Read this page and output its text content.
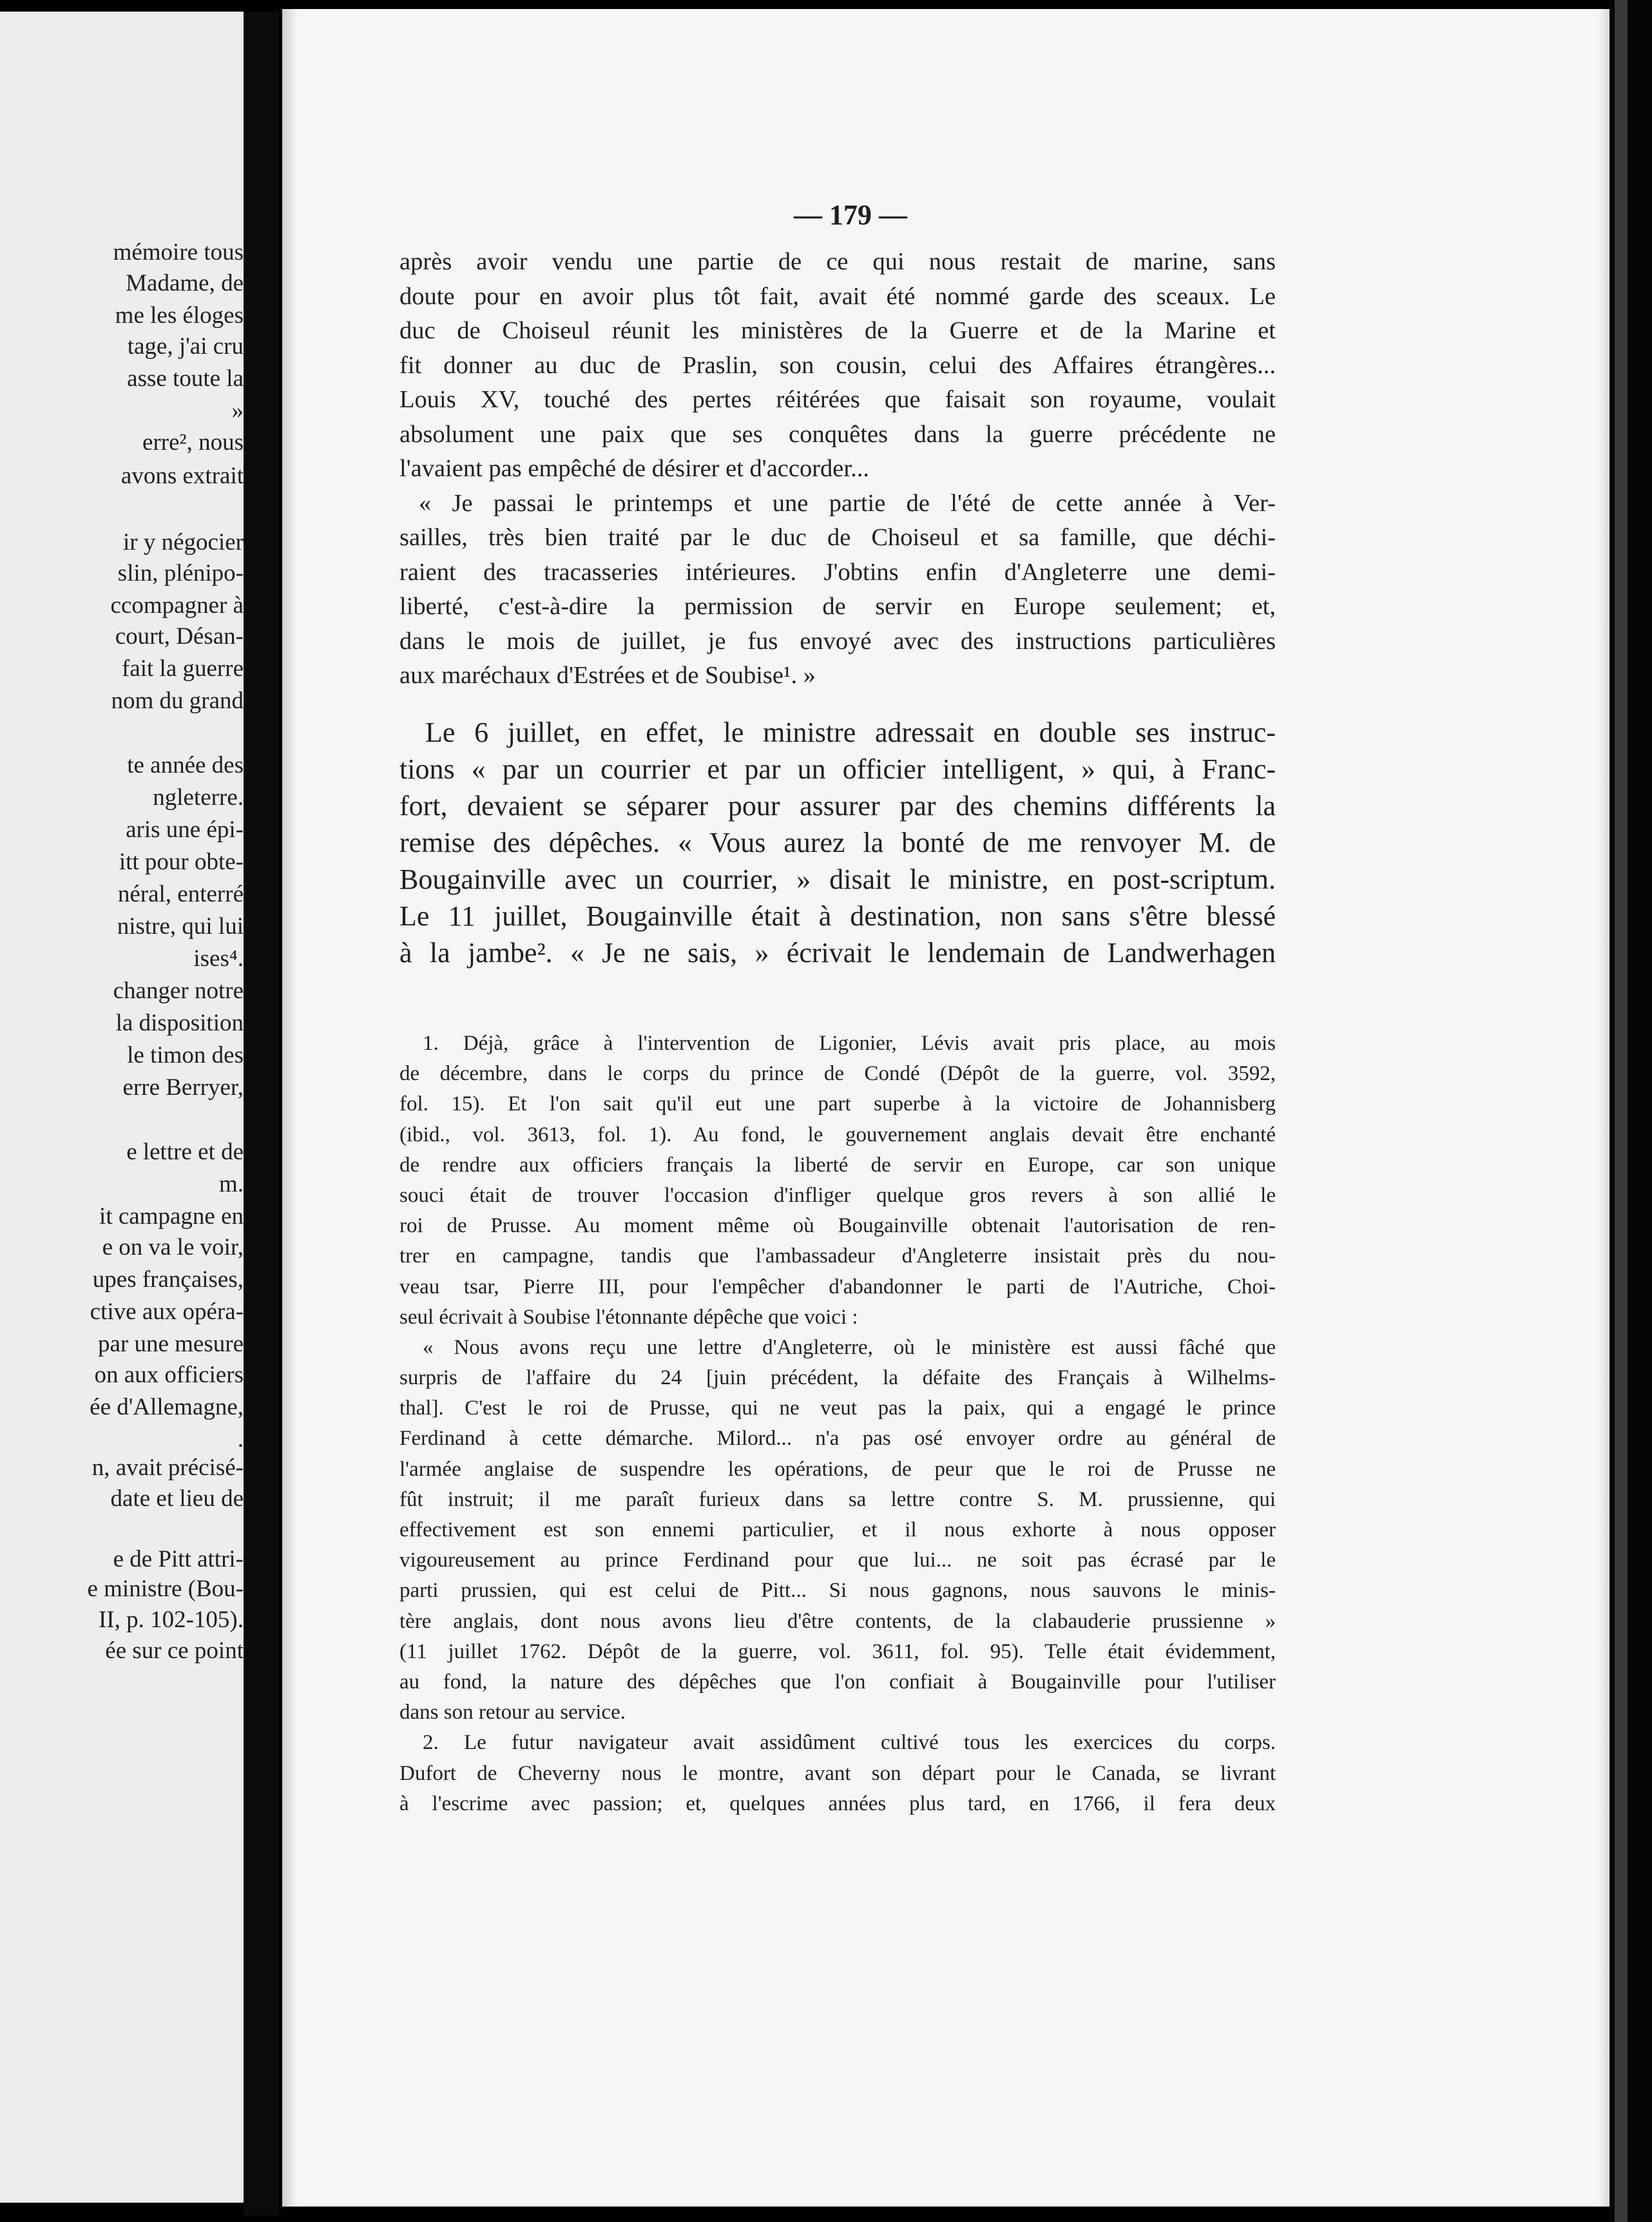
mémoire tous
Madame, de
me les éloges
tage, j'ai cru
asse toute la
»
erre², nous
avons extrait
ir y négocier
slin, plénipo-
ccompagner à
court, Désan-
fait la guerre
nom du grand
te année des
ngleterre.
aris une épi-
itt pour obte-
néral, enterré
nistre, qui lui
ises⁴.
changer notre
la disposition
le timon des
erre Berryer,
e lettre et de
m.
it campagne en
e on va le voir,
upes françaises,
ctive aux opéra-
par une mesure
on aux officiers
ée d'Allemagne,
.
n, avait précisé-
date et lieu de
e de Pitt attri-
e ministre (Bou-
II, p. 102-105).
ée sur ce point
— 179 —
après avoir vendu une partie de ce qui nous restait de marine, sans
doute pour en avoir plus tôt fait, avait été nommé garde des sceaux. Le
duc de Choiseul réunit les ministères de la Guerre et de la Marine et
fit donner au duc de Praslin, son cousin, celui des Affaires étrangères...
Louis XV, touché des pertes réitérées que faisait son royaume, voulait
absolument une paix que ses conquêtes dans la guerre précédente ne
l'avaient pas empêché de désirer et d'accorder...
« Je passai le printemps et une partie de l'été de cette année à Ver-
sailles, très bien traité par le duc de Choiseul et sa famille, que déchi-
raient des tracasseries intérieures. J'obtins enfin d'Angleterre une demi-
liberté, c'est-à-dire la permission de servir en Europe seulement; et,
dans le mois de juillet, je fus envoyé avec des instructions particulières
aux maréchaux d'Estrées et de Soubise¹. »
Le 6 juillet, en effet, le ministre adressait en double ses instruc-
tions « par un courrier et par un officier intelligent, » qui, à Franc-
fort, devaient se séparer pour assurer par des chemins différents la
remise des dépêches. « Vous aurez la bonté de me renvoyer M. de
Bougainville avec un courrier, » disait le ministre, en post-scriptum.
Le 11 juillet, Bougainville était à destination, non sans s'être blessé
à la jambe². « Je ne sais, » écrivait le lendemain de Landwerhagen
1. Déjà, grâce à l'intervention de Ligonier, Lévis avait pris place, au mois
de décembre, dans le corps du prince de Condé (Dépôt de la guerre, vol. 3592,
fol. 15). Et l'on sait qu'il eut une part superbe à la victoire de Johannisberg
(ibid., vol. 3613, fol. 1). Au fond, le gouvernement anglais devait être enchanté
de rendre aux officiers français la liberté de servir en Europe, car son unique
souci était de trouver l'occasion d'infliger quelque gros revers à son allié le
roi de Prusse. Au moment même où Bougainville obtenait l'autorisation de ren-
trer en campagne, tandis que l'ambassadeur d'Angleterre insistait près du nou-
veau tsar, Pierre III, pour l'empêcher d'abandonner le parti de l'Autriche, Choi-
seul écrivait à Soubise l'étonnante dépêche que voici :
« Nous avons reçu une lettre d'Angleterre, où le ministère est aussi fâché que
surpris de l'affaire du 24 [juin précédent, la défaite des Français à Wilhelms-
thal]. C'est le roi de Prusse, qui ne veut pas la paix, qui a engagé le prince
Ferdinand à cette démarche. Milord... n'a pas osé envoyer ordre au général de
l'armée anglaise de suspendre les opérations, de peur que le roi de Prusse ne
fût instruit; il me paraît furieux dans sa lettre contre S. M. prussienne, qui
effectivement est son ennemi particulier, et il nous exhorte à nous opposer
vigoureusement au prince Ferdinand pour que lui... ne soit pas écrasé par le
parti prussien, qui est celui de Pitt... Si nous gagnons, nous sauvons le minis-
tère anglais, dont nous avons lieu d'être contents, de la clabauderie prussienne »
(11 juillet 1762. Dépôt de la guerre, vol. 3611, fol. 95). Telle était évidemment,
au fond, la nature des dépêches que l'on confiait à Bougainville pour l'utiliser
dans son retour au service.
2. Le futur navigateur avait assidûment cultivé tous les exercices du corps.
Dufort de Cheverny nous le montre, avant son départ pour le Canada, se livrant
à l'escrime avec passion; et, quelques années plus tard, en 1766, il fera deux
